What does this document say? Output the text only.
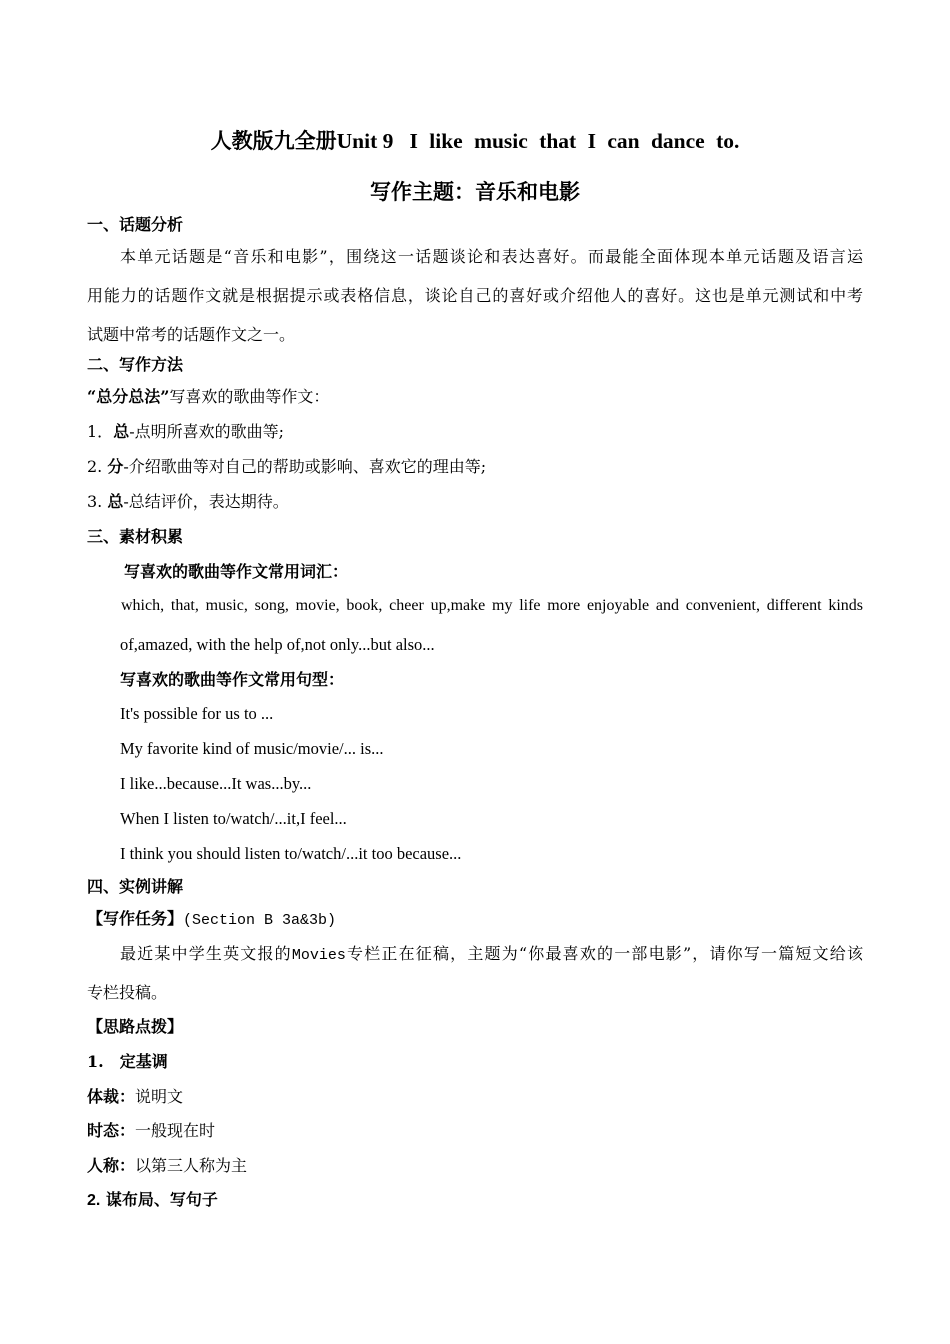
人教版九全册Unit 9 I like music that I can dance to.
写作主题：音乐和电影
一、话题分析
本单元话题是“音乐和电影”，围绕这一话题谈论和表达喜好。而最能全面体现本单元话题及语言运
用能力的话题作文就是根据提示或表格信息，谈论自己的喜好或介绍他人的喜好。这也是单元测试和中考
试题中常考的话题作文之一。
二、写作方法
“总分总法”写喜欢的歌曲等作文：
1．总-点明所喜欢的歌曲等;
2. 分-介绍歌曲等对自己的帮助或影响、喜欢它的理由等;
3. 总-总结评价，表达期待。
三、素材积累
写喜欢的歌曲等作文常用词汇：
which, that, music, song, movie, book, cheer up,make my life more enjoyable and convenient, different kinds
of,amazed, with the help of,not only...but also...
写喜欢的歌曲等作文常用句型：
It's possible for us to ...
My favorite kind of music/movie/... is...
I like...because...It was...by...
When I listen to/watch/...it,I feel...
I think you should listen to/watch/...it too because...
四、实例讲解
【写作任务】(Section B 3a&3b)
最近某中学生英文报的Movies专栏正在征稿，主题为“你最喜欢的一部电影”，请你写一篇短文给该
专栏投稿。
【思路点拨】
1.　定基调
体裁：说明文
时态：一般现在时
人称：以第三人称为主
2. 谋布局、写句子
